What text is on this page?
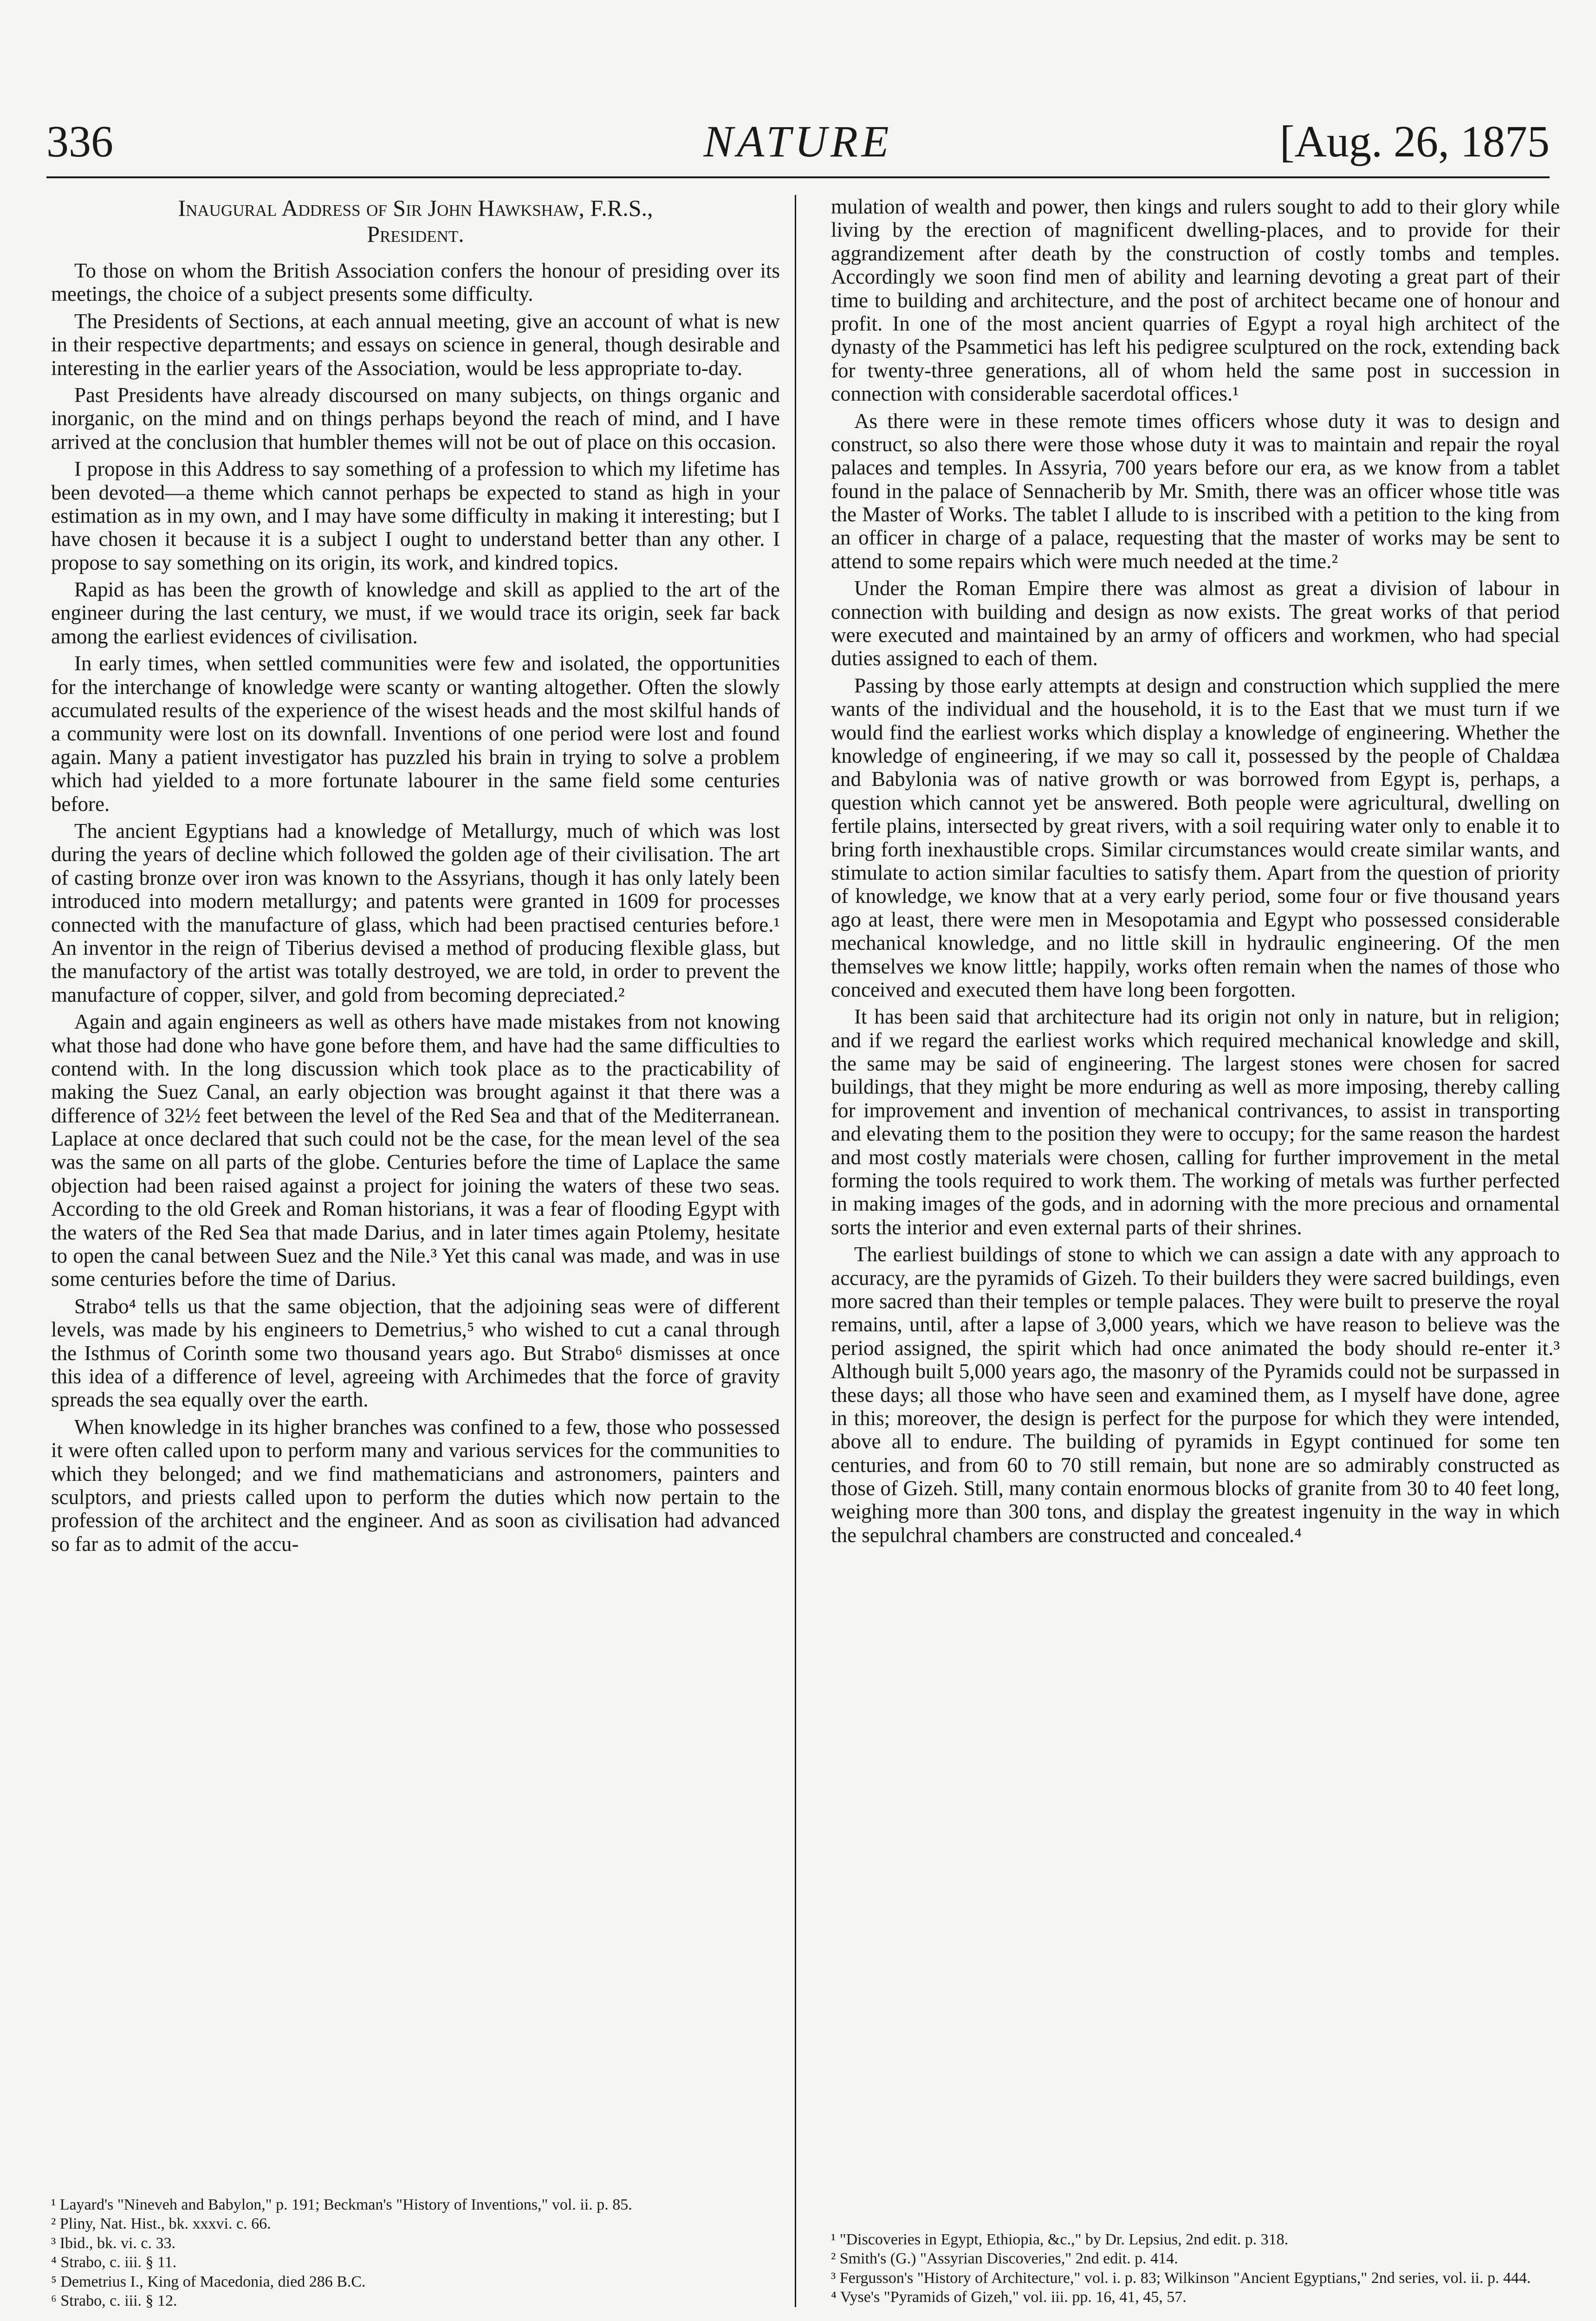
336	NATURE	[Aug. 26, 1875
Inaugural Address of Sir John Hawkshaw, F.R.S.,
President.

To those on whom the British Association confers the honour of presiding over its meetings, the choice of a subject presents some difficulty.

The Presidents of Sections, at each annual meeting, give an account of what is new in their respective departments; and essays on science in general, though desirable and interesting in the earlier years of the Association, would be less appropriate to-day.

Past Presidents have already discoursed on many subjects, on things organic and inorganic, on the mind and on things perhaps beyond the reach of mind, and I have arrived at the conclusion that humbler themes will not be out of place on this occasion.

I propose in this Address to say something of a profession to which my lifetime has been devoted—a theme which cannot perhaps be expected to stand as high in your estimation as in my own, and I may have some difficulty in making it interesting; but I have chosen it because it is a subject I ought to understand better than any other. I propose to say something on its origin, its work, and kindred topics.

Rapid as has been the growth of knowledge and skill as applied to the art of the engineer during the last century, we must, if we would trace its origin, seek far back among the earliest evidences of civilisation.

In early times, when settled communities were few and isolated, the opportunities for the interchange of knowledge were scanty or wanting altogether. Often the slowly accumulated results of the experience of the wisest heads and the most skilful hands of a community were lost on its downfall. Inventions of one period were lost and found again. Many a patient investigator has puzzled his brain in trying to solve a problem which had yielded to a more fortunate labourer in the same field some centuries before.

The ancient Egyptians had a knowledge of Metallurgy, much of which was lost during the years of decline which followed the golden age of their civilisation. The art of casting bronze over iron was known to the Assyrians, though it has only lately been introduced into modern metallurgy; and patents were granted in 1609 for processes connected with the manufacture of glass, which had been practised centuries before.¹ An inventor in the reign of Tiberius devised a method of producing flexible glass, but the manufactory of the artist was totally destroyed, we are told, in order to prevent the manufacture of copper, silver, and gold from becoming depreciated.²

Again and again engineers as well as others have made mistakes from not knowing what those had done who have gone before them, and have had the same difficulties to contend with. In the long discussion which took place as to the practicability of making the Suez Canal, an early objection was brought against it that there was a difference of 32½ feet between the level of the Red Sea and that of the Mediterranean. Laplace at once declared that such could not be the case, for the mean level of the sea was the same on all parts of the globe. Centuries before the time of Laplace the same objection had been raised against a project for joining the waters of these two seas. According to the old Greek and Roman historians, it was a fear of flooding Egypt with the waters of the Red Sea that made Darius, and in later times again Ptolemy, hesitate to open the canal between Suez and the Nile.³ Yet this canal was made, and was in use some centuries before the time of Darius.

Strabo⁴ tells us that the same objection, that the adjoining seas were of different levels, was made by his engineers to Demetrius,⁵ who wished to cut a canal through the Isthmus of Corinth some two thousand years ago. But Strabo⁶ dismisses at once this idea of a difference of level, agreeing with Archimedes that the force of gravity spreads the sea equally over the earth.

When knowledge in its higher branches was confined to a few, those who possessed it were often called upon to perform many and various services for the communities to which they belonged; and we find mathematicians and astronomers, painters and sculptors, and priests called upon to perform the duties which now pertain to the profession of the architect and the engineer. And as soon as civilisation had advanced so far as to admit of the accu-

¹ Layard's "Nineveh and Babylon," p. 191; Beckman's "History of Inventions," vol. ii. p. 85.
² Pliny, Nat. Hist., bk. xxxvi. c. 66.
³ Ibid., bk. vi. c. 33.
⁴ Strabo, c. iii. § 11.
⁵ Demetrius I., King of Macedonia, died 286 B.C.
⁶ Strabo, c. iii. § 12.

mulation of wealth and power, then kings and rulers sought to add to their glory while living by the erection of magnificent dwelling-places, and to provide for their aggrandizement after death by the construction of costly tombs and temples. Accordingly we soon find men of ability and learning devoting a great part of their time to building and architecture, and the post of architect became one of honour and profit. In one of the most ancient quarries of Egypt a royal high architect of the dynasty of the Psammetici has left his pedigree sculptured on the rock, extending back for twenty-three generations, all of whom held the same post in succession in connection with considerable sacerdotal offices.¹

As there were in these remote times officers whose duty it was to design and construct, so also there were those whose duty it was to maintain and repair the royal palaces and temples. In Assyria, 700 years before our era, as we know from a tablet found in the palace of Sennacherib by Mr. Smith, there was an officer whose title was the Master of Works. The tablet I allude to is inscribed with a petition to the king from an officer in charge of a palace, requesting that the master of works may be sent to attend to some repairs which were much needed at the time.²

Under the Roman Empire there was almost as great a division of labour in connection with building and design as now exists. The great works of that period were executed and maintained by an army of officers and workmen, who had special duties assigned to each of them.

Passing by those early attempts at design and construction which supplied the mere wants of the individual and the household, it is to the East that we must turn if we would find the earliest works which display a knowledge of engineering. Whether the knowledge of engineering, if we may so call it, possessed by the people of Chaldæa and Babylonia was of native growth or was borrowed from Egypt is, perhaps, a question which cannot yet be answered. Both people were agricultural, dwelling on fertile plains, intersected by great rivers, with a soil requiring water only to enable it to bring forth inexhaustible crops. Similar circumstances would create similar wants, and stimulate to action similar faculties to satisfy them. Apart from the question of priority of knowledge, we know that at a very early period, some four or five thousand years ago at least, there were men in Mesopotamia and Egypt who possessed considerable mechanical knowledge, and no little skill in hydraulic engineering. Of the men themselves we know little; happily, works often remain when the names of those who conceived and executed them have long been forgotten.

It has been said that architecture had its origin not only in nature, but in religion; and if we regard the earliest works which required mechanical knowledge and skill, the same may be said of engineering. The largest stones were chosen for sacred buildings, that they might be more enduring as well as more imposing, thereby calling for improvement and invention of mechanical contrivances, to assist in transporting and elevating them to the position they were to occupy; for the same reason the hardest and most costly materials were chosen, calling for further improvement in the metal forming the tools required to work them. The working of metals was further perfected in making images of the gods, and in adorning with the more precious and ornamental sorts the interior and even external parts of their shrines.

The earliest buildings of stone to which we can assign a date with any approach to accuracy, are the pyramids of Gizeh. To their builders they were sacred buildings, even more sacred than their temples or temple palaces. They were built to preserve the royal remains, until, after a lapse of 3,000 years, which we have reason to believe was the period assigned, the spirit which had once animated the body should re-enter it.³ Although built 5,000 years ago, the masonry of the Pyramids could not be surpassed in these days; all those who have seen and examined them, as I myself have done, agree in this; moreover, the design is perfect for the purpose for which they were intended, above all to endure. The building of pyramids in Egypt continued for some ten centuries, and from 60 to 70 still remain, but none are so admirably constructed as those of Gizeh. Still, many contain enormous blocks of granite from 30 to 40 feet long, weighing more than 300 tons, and display the greatest ingenuity in the way in which the sepulchral chambers are constructed and concealed.⁴

¹ "Discoveries in Egypt, Ethiopia, &c.," by Dr. Lepsius, 2nd edit. p. 318.
² Smith's (G.) "Assyrian Discoveries," 2nd edit. p. 414.
³ Fergusson's "History of Architecture," vol. i. p. 83; Wilkinson "Ancient Egyptians," 2nd series, vol. ii. p. 444.
⁴ Vyse's "Pyramids of Gizeh," vol. iii. pp. 16, 41, 45, 57.
